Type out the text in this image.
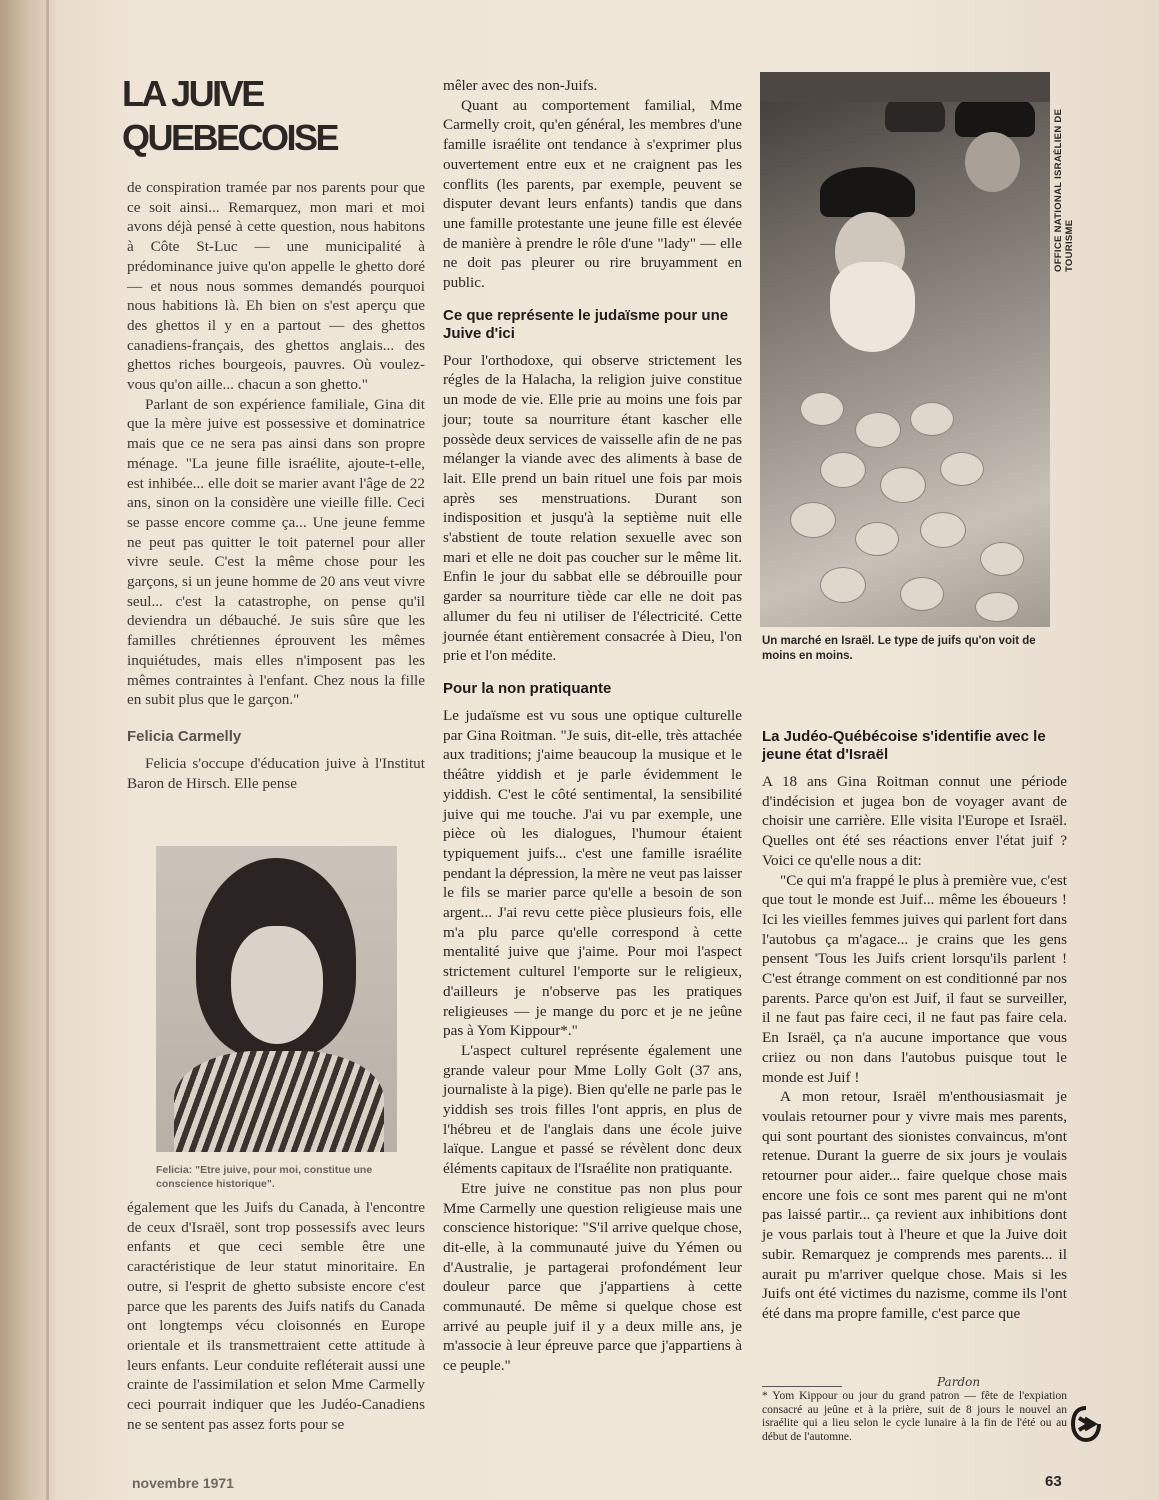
LA JUIVE
QUEBECOISE

de conspiration tramée par nos parents pour que ce soit ainsi... Remarquez, mon mari et moi avons déjà pensé à cette question, nous habitons à Côte St-Luc — une municipalité à prédominance juive qu'on appelle le ghetto doré — et nous nous sommes demandés pourquoi nous habitions là. Eh bien on s'est aperçu que des ghettos il y en a partout — des ghettos canadiens-français, des ghettos anglais... des ghettos riches bourgeois, pauvres. Où voulez-vous qu'on aille... chacun a son ghetto."

Parlant de son expérience familiale, Gina dit que la mère juive est possessive et dominatrice mais que ce ne sera pas ainsi dans son propre ménage. "La jeune fille israélite, ajoute-t-elle, est inhibée... elle doit se marier avant l'âge de 22 ans, sinon on la considère une vieille fille. Ceci se passe encore comme ça... Une jeune femme ne peut pas quitter le toit paternel pour aller vivre seule. C'est la même chose pour les garçons, si un jeune homme de 20 ans veut vivre seul... c'est la catastrophe, on pense qu'il deviendra un débauché. Je suis sûre que les familles chrétiennes éprouvent les mêmes inquiétudes, mais elles n'imposent pas les mêmes contraintes à l'enfant. Chez nous la fille en subit plus que le garçon."

Felicia Carmelly

Felicia s'occupe d'éducation juive à l'Institut Baron de Hirsch. Elle pense

Felicia: "Etre juive, pour moi, constitue une conscience historique".

également que les Juifs du Canada, à l'encontre de ceux d'Israël, sont trop possessifs avec leurs enfants et que ceci semble être une caractéristique de leur statut minoritaire. En outre, si l'esprit de ghetto subsiste encore c'est parce que les parents des Juifs natifs du Canada ont longtemps vécu cloisonnés en Europe orientale et ils transmettraient cette attitude à leurs enfants. Leur conduite refléterait aussi une crainte de l'assimilation et selon Mme Carmelly ceci pourrait indiquer que les Judéo-Canadiens ne se sentent pas assez forts pour se

mêler avec des non-Juifs.

Quant au comportement familial, Mme Carmelly croit, qu'en général, les membres d'une famille israélite ont tendance à s'exprimer plus ouvertement entre eux et ne craignent pas les conflits (les parents, par exemple, peuvent se disputer devant leurs enfants) tandis que dans une famille protestante une jeune fille est élevée de manière à prendre le rôle d'une "lady" — elle ne doit pas pleurer ou rire bruyamment en public.

Ce que représente le judaïsme pour une Juive d'ici

Pour l'orthodoxe, qui observe strictement les régles de la Halacha, la religion juive constitue un mode de vie. Elle prie au moins une fois par jour; toute sa nourriture étant kascher elle possède deux services de vaisselle afin de ne pas mélanger la viande avec des aliments à base de lait. Elle prend un bain rituel une fois par mois après ses menstruations. Durant son indisposition et jusqu'à la septième nuit elle s'abstient de toute relation sexuelle avec son mari et elle ne doit pas coucher sur le même lit. Enfin le jour du sabbat elle se débrouille pour garder sa nourriture tiède car elle ne doit pas allumer du feu ni utiliser de l'électricité. Cette journée étant entièrement consacrée à Dieu, l'on prie et l'on médite.

Pour la non pratiquante

Le judaïsme est vu sous une optique culturelle par Gina Roitman. "Je suis, dit-elle, très attachée aux traditions; j'aime beaucoup la musique et le théâtre yiddish et je parle évidemment le yiddish. C'est le côté sentimental, la sensibilité juive qui me touche. J'ai vu par exemple, une pièce où les dialogues, l'humour étaient typiquement juifs... c'est une famille israélite pendant la dépression, la mère ne veut pas laisser le fils se marier parce qu'elle a besoin de son argent... J'ai revu cette pièce plusieurs fois, elle m'a plu parce qu'elle correspond à cette mentalité juive que j'aime. Pour moi l'aspect strictement culturel l'emporte sur le religieux, d'ailleurs je n'observe pas les pratiques religieuses — je mange du porc et je ne jeûne pas à Yom Kippour*."

L'aspect culturel représente également une grande valeur pour Mme Lolly Golt (37 ans, journaliste à la pige). Bien qu'elle ne parle pas le yiddish ses trois filles l'ont appris, en plus de l'hébreu et de l'anglais dans une école juive laïque. Langue et passé se révèlent donc deux éléments capitaux de l'Israélite non pratiquante.

Etre juive ne constitue pas non plus pour Mme Carmelly une question religieuse mais une conscience historique: "S'il arrive quelque chose, dit-elle, à la communauté juive du Yémen ou d'Australie, je partagerai profondément leur douleur parce que j'appartiens à cette communauté. De même si quelque chose est arrivé au peuple juif il y a deux mille ans, je m'associe à leur épreuve parce que j'appartiens à ce peuple."

OFFICE NATIONAL ISRAÉLIEN DE TOURISME
Un marché en Israël. Le type de juifs qu'on voit de moins en moins.
La Judéo-Québécoise s'identifie avec le jeune état d'Israël

A 18 ans Gina Roitman connut une période d'indécision et jugea bon de voyager avant de choisir une carrière. Elle visita l'Europe et Israël. Quelles ont été ses réactions enver l'état juif ? Voici ce qu'elle nous a dit:

"Ce qui m'a frappé le plus à première vue, c'est que tout le monde est Juif... même les éboueurs ! Ici les vieilles femmes juives qui parlent fort dans l'autobus ça m'agace... je crains que les gens pensent 'Tous les Juifs crient lorsqu'ils parlent ! C'est étrange comment on est conditionné par nos parents. Parce qu'on est Juif, il faut se surveiller, il ne faut pas faire ceci, il ne faut pas faire cela. En Israël, ça n'a aucune importance que vous criiez ou non dans l'autobus puisque tout le monde est Juif !

A mon retour, Israël m'enthousiasmait je voulais retourner pour y vivre mais mes parents, qui sont pourtant des sionistes convaincus, m'ont retenue. Durant la guerre de six jours je voulais retourner pour aider... faire quelque chose mais encore une fois ce sont mes parent qui ne m'ont pas laissé partir... ça revient aux inhibitions dont je vous parlais tout à l'heure et que la Juive doit subir. Remarquez je comprends mes parents... il aurait pu m'arriver quelque chose. Mais si les Juifs ont été victimes du nazisme, comme ils l'ont été dans ma propre famille, c'est parce que

Pardon
* Yom Kippour ou jour du grand patron — fête de l'expiation consacré au jeûne et à la prière, suit de 8 jours le nouvel an israélite qui a lieu selon le cycle lunaire à la fin de l'été ou au début de l'automne.
novembre 1971	63
